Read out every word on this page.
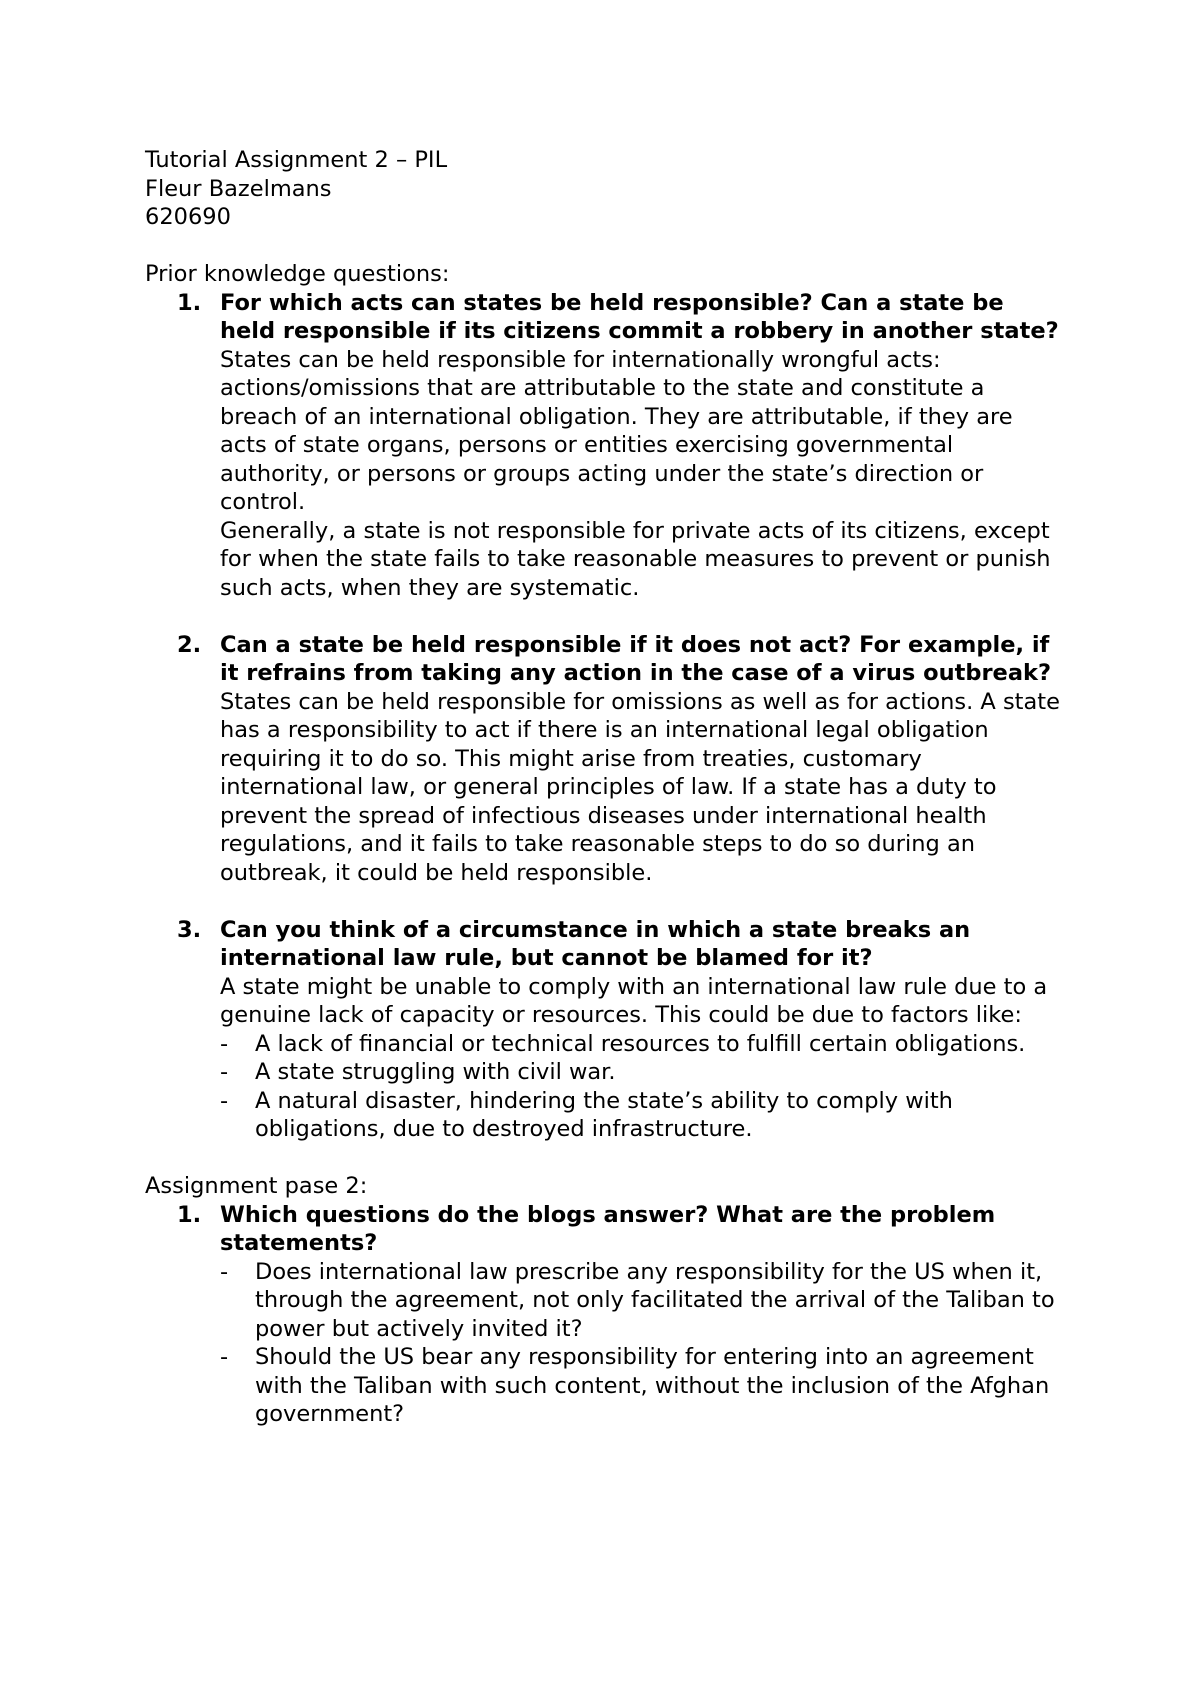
Tutorial Assignment 2 – PIL
Fleur Bazelmans
620690
Prior knowledge questions:
1. For which acts can states be held responsible? Can a state be held responsible if its citizens commit a robbery in another state?

States can be held responsible for internationally wrongful acts: actions/omissions that are attributable to the state and constitute a breach of an international obligation. They are attributable, if they are acts of state organs, persons or entities exercising governmental authority, or persons or groups acting under the state’s direction or control.

Generally, a state is not responsible for private acts of its citizens, except for when the state fails to take reasonable measures to prevent or punish such acts, when they are systematic.

2. Can a state be held responsible if it does not act? For example, if it refrains from taking any action in the case of a virus outbreak?

States can be held responsible for omissions as well as for actions. A state has a responsibility to act if there is an international legal obligation requiring it to do so. This might arise from treaties, customary international law, or general principles of law. If a state has a duty to prevent the spread of infectious diseases under international health regulations, and it fails to take reasonable steps to do so during an outbreak, it could be held responsible.

3. Can you think of a circumstance in which a state breaks an international law rule, but cannot be blamed for it?

A state might be unable to comply with an international law rule due to a genuine lack of capacity or resources. This could be due to factors like:

- A lack of financial or technical resources to fulfill certain obligations.
- A state struggling with civil war.
- A natural disaster, hindering the state’s ability to comply with obligations, due to destroyed infrastructure.
Assignment pase 2:
1. Which questions do the blogs answer? What are the problem statements?
- Does international law prescribe any responsibility for the US when it, through the agreement, not only facilitated the arrival of the Taliban to power but actively invited it?
- Should the US bear any responsibility for entering into an agreement with the Taliban with such content, without the inclusion of the Afghan government?
